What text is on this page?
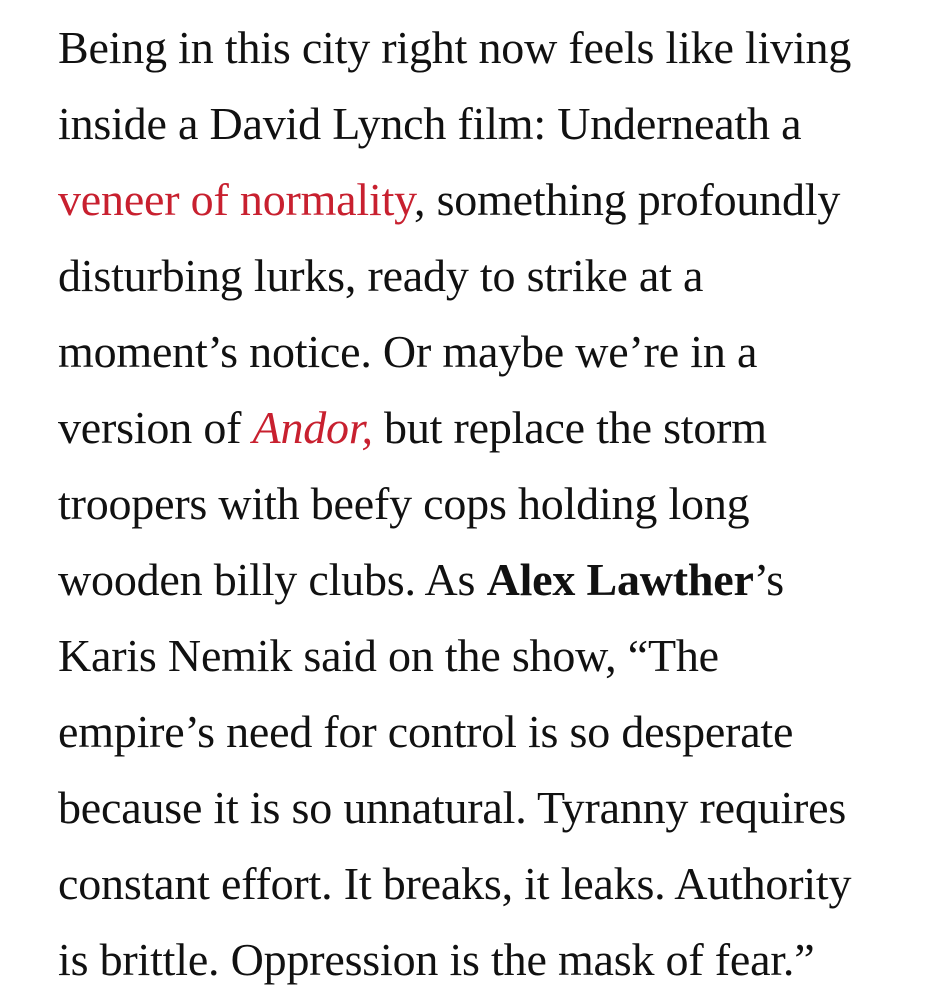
Being in this city right now feels like living
inside a David Lynch film: Underneath a
veneer of normality, something profoundly
disturbing lurks, ready to strike at a
moment’s notice. Or maybe we’re in a
version of Andor, but replace the storm
troopers with beefy cops holding long
wooden billy clubs. As Alex Lawther’s
Karis Nemik said on the show, “The
empire’s need for control is so desperate
because it is so unnatural. Tyranny requires
constant effort. It breaks, it leaks. Authority
is brittle. Oppression is the mask of fear.”
